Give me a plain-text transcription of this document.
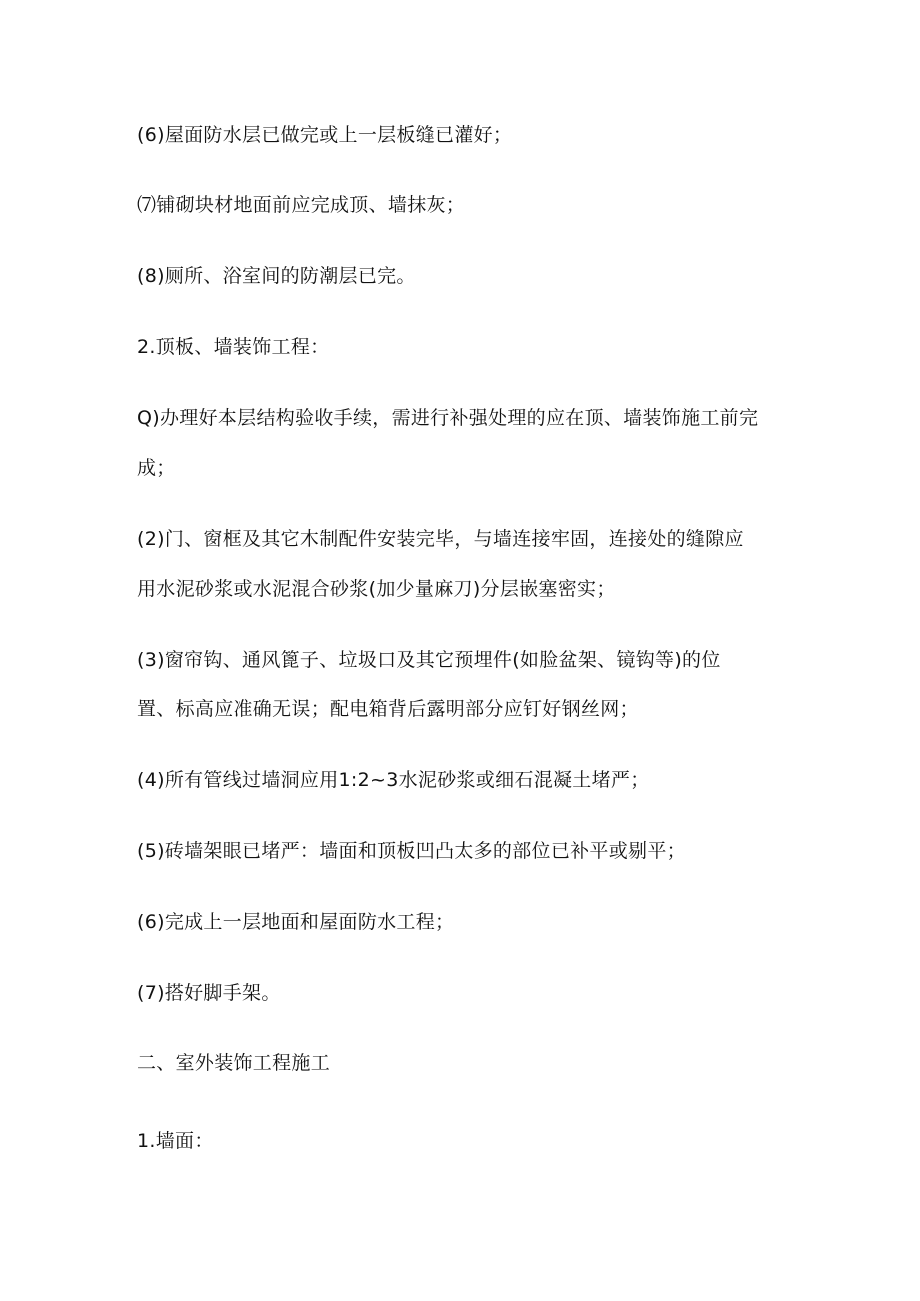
(6)屋面防水层已做完或上一层板缝已灌好；
⑺铺砌块材地面前应完成顶、墙抹灰；
(8)厕所、浴室间的防潮层已完。
2.顶板、墙装饰工程：
Q)办理好本层结构验收手续，需进行补强处理的应在顶、墙装饰施工前完
成；
(2)门、窗框及其它木制配件安装完毕，与墙连接牢固，连接处的缝隙应
用水泥砂浆或水泥混合砂浆(加少量麻刀)分层嵌塞密实；
(3)窗帘钩、通风篦子、垃圾口及其它预埋件(如脸盆架、镜钩等)的位
置、标高应准确无误；配电箱背后露明部分应钉好钢丝网；
(4)所有管线过墙洞应用1:2~3水泥砂浆或细石混凝土堵严；
(5)砖墙架眼已堵严：墙面和顶板凹凸太多的部位已补平或剔平；
(6)完成上一层地面和屋面防水工程；
(7)搭好脚手架。
二、室外装饰工程施工
1.墙面：
